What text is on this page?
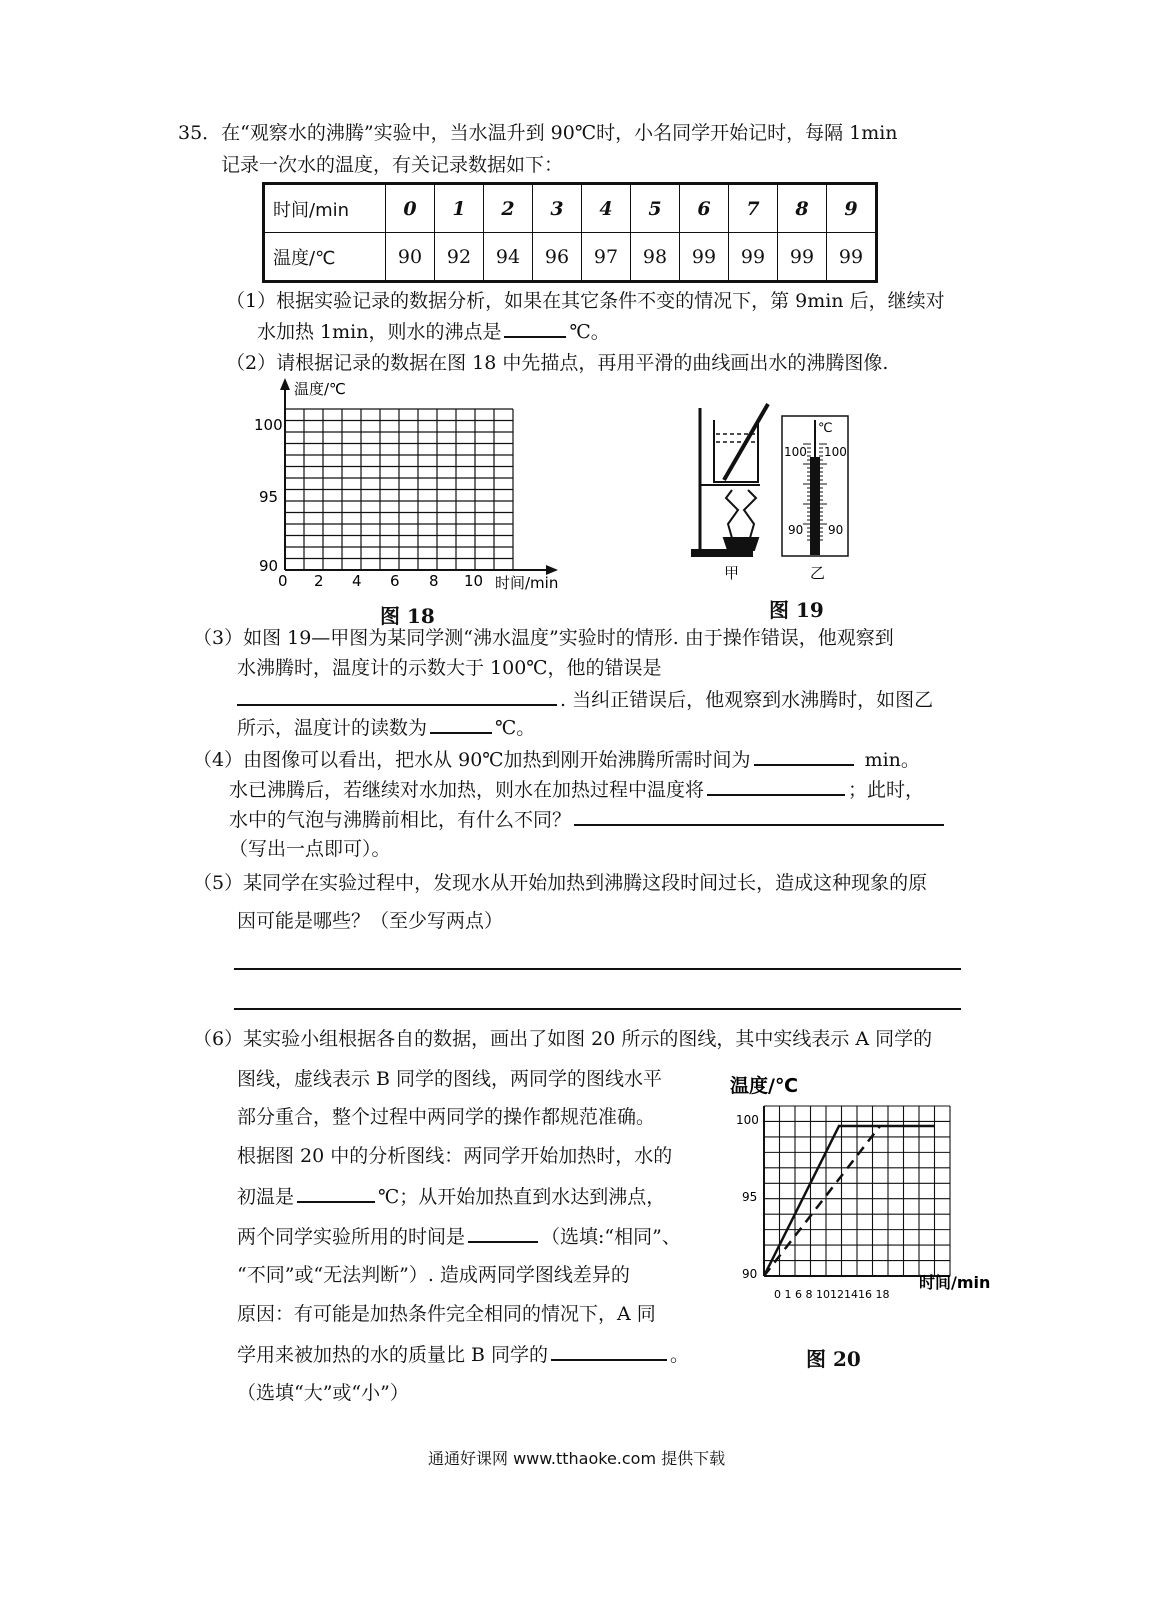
35．在“观察水的沸腾”实验中，当水温升到 90℃时，小名同学开始记时，每隔 1min
记录一次水的温度，有关记录数据如下：
时间/min	0	1	2	3	4	5	6	7	8	9
温度/℃	90	92	94	96	97	98	99	99	99	99
（1）根据实验记录的数据分析，如果在其它条件不变的情况下，第 9min 后，继续对
水加热 1min，则水的沸点是	℃。
（2）请根据记录的数据在图 18 中先描点，再用平滑的曲线画出水的沸腾图像.
温度/℃
时间/min
100
95
90
0 2 4 6 8 10
图 18
℃
100 100
90 90
甲	乙
图 19
（3）如图 19—甲图为某同学测“沸水温度”实验时的情形. 由于操作错误，他观察到
水沸腾时，温度计的示数大于 100℃，他的错误是
. 当纠正错误后，他观察到水沸腾时，如图乙
所示，温度计的读数为	℃。
（4）由图像可以看出，把水从 90℃加热到刚开始沸腾所需时间为	min。
水已沸腾后，若继续对水加热，则水在加热过程中温度将	；此时，
水中的气泡与沸腾前相比，有什么不同？
（写出一点即可）。
（5）某同学在实验过程中，发现水从开始加热到沸腾这段时间过长，造成这种现象的原
因可能是哪些？（至少写两点）
（6）某实验小组根据各自的数据，画出了如图 20 所示的图线，其中实线表示 A 同学的
图线，虚线表示 B 同学的图线，两同学的图线水平
部分重合，整个过程中两同学的操作都规范准确。
根据图 20 中的分析图线：两同学开始加热时，水的
初温是	℃；从开始加热直到水达到沸点，
两个同学实验所用的时间是	（选填:“相同”、
“不同”或“无法判断”）. 造成两同学图线差异的
原因：有可能是加热条件完全相同的情况下，A 同
学用来被加热的水的质量比 B 同学的	。
（选填“大”或“小”）
温度/℃
100
95
90	时间/min
0 1 6 8 10121416 18
图 20
通通好课网 www.tthaoke.com 提供下载
